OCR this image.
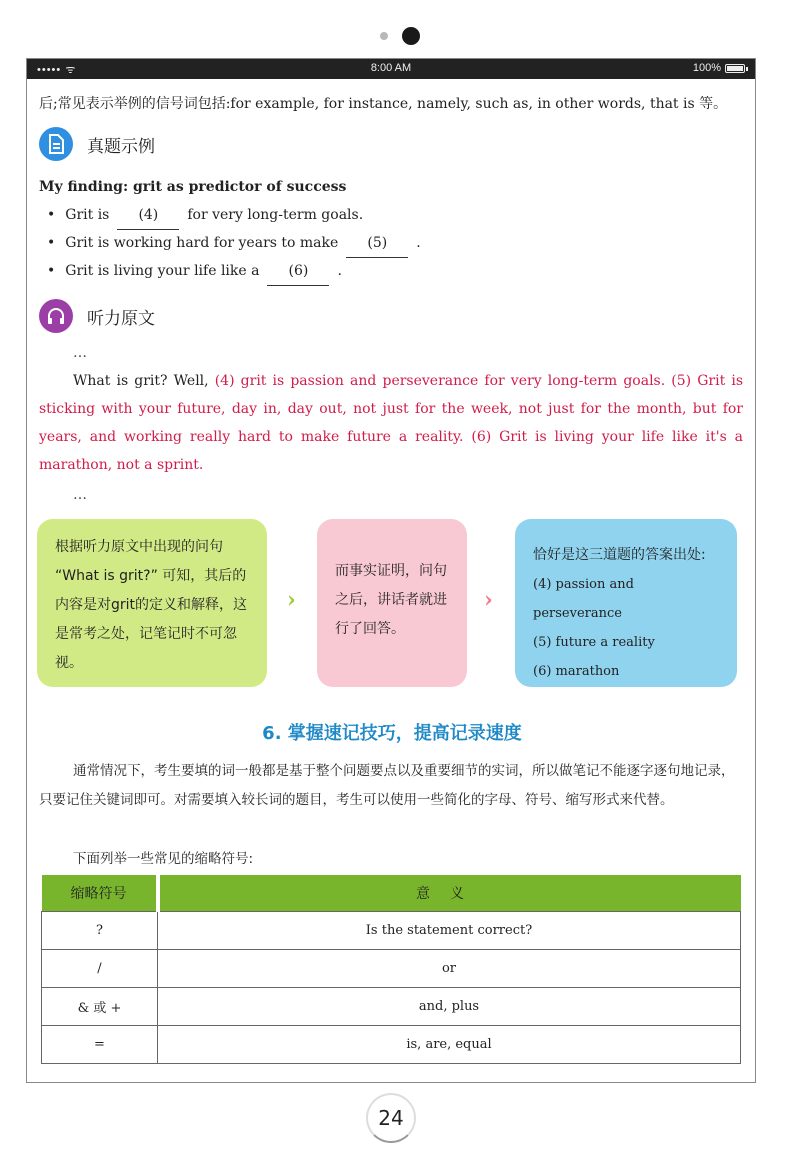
••••• ᯤ	8:00 AM	100%

后;常见表示举例的信号词包括:for example, for instance, namely, such as, in other words, that is 等。

真题示例

My finding: grit as predictor of success

• Grit is (4) for very long-term goals.
• Grit is working hard for years to make (5) .
• Grit is living your life like a (6) .
听力原文

…

What is grit? Well, (4) grit is passion and perseverance for very long-term goals. (5) Grit is sticking with your future, day in, day out, not just for the week, not just for the month, but for years, and working really hard to make future a reality. (6) Grit is living your life like it's a marathon, not a sprint.

…

根据听力原文中出现的问句 “What is grit?” 可知，其后的内容是对grit的定义和解释，这是常考之处，记笔记时不可忽视。
›
而事实证明，问句之后，讲话者就进行了回答。
›
恰好是这三道题的答案出处:
(4) passion and perseverance
(5) future a reality
(6) marathon
6. 掌握速记技巧，提高记录速度

通常情况下，考生要填的词一般都是基于整个问题要点以及重要细节的实词，所以做笔记不能逐字逐句地记录，只要记住关键词即可。对需要填入较长词的题目，考生可以使用一些简化的字母、符号、缩写形式来代替。

下面列举一些常见的缩略符号:

缩略符号	意义
?	Is the statement correct?
/	or
& 或 +	and, plus
=	is, are, equal
24
